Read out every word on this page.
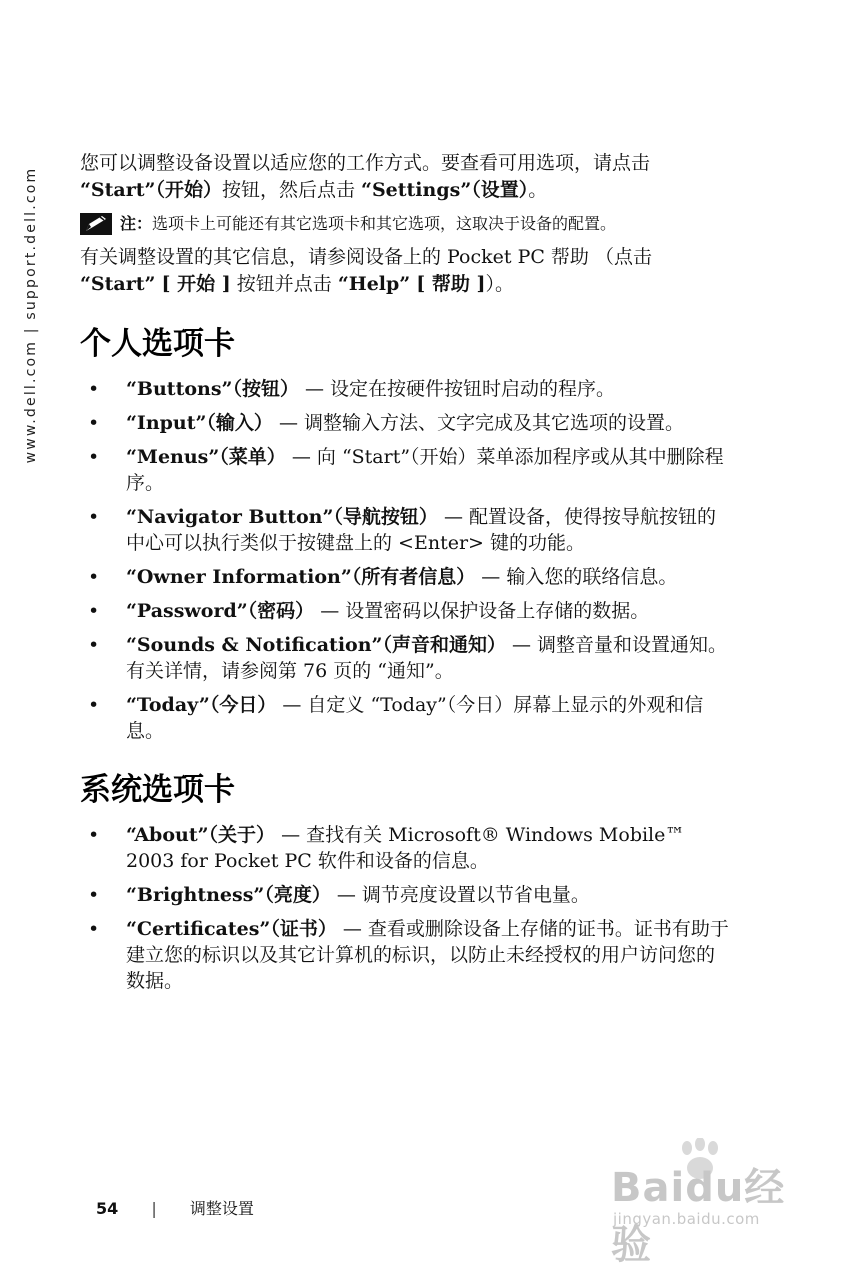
www.dell.com | support.dell.com

您可以调整设备设置以适应您的工作方式。要查看可用选项，请点击
“Start”（开始）按钮，然后点击 “Settings”（设置）。

注： 选项卡上可能还有其它选项卡和其它选项，这取决于设备的配置。

有关调整设置的其它信息，请参阅设备上的 Pocket PC 帮助 （点击
“Start” [ 开始 ] 按钮并点击 “Help” [ 帮助 ]）。

个人选项卡
• “Buttons”（按钮） — 设定在按硬件按钮时启动的程序。
• “Input”（输入） — 调整输入方法、文字完成及其它选项的设置。
• “Menus”（菜单） — 向 “Start”（开始）菜单添加程序或从其中删除程序。
• “Navigator Button”（导航按钮） — 配置设备，使得按导航按钮的中心可以执行类似于按键盘上的 <Enter> 键的功能。
• “Owner Information”（所有者信息） — 输入您的联络信息。
• “Password”（密码） — 设置密码以保护设备上存储的数据。
• “Sounds & Notification”（声音和通知） — 调整音量和设置通知。有关详情，请参阅第 76 页的 “通知”。
• “Today”（今日） — 自定义 “Today”（今日）屏幕上显示的外观和信息。
系统选项卡
• “About”（关于） — 查找有关 Microsoft® Windows Mobile™ 2003 for Pocket PC 软件和设备的信息。
• “Brightness”（亮度） — 调节亮度设置以节省电量。
• “Certificates”（证书） — 查看或删除设备上存储的证书。证书有助于建立您的标识以及其它计算机的标识，以防止未经授权的用户访问您的数据。
54 | 调整设置	Baidu经验
jingyan.baidu.com
